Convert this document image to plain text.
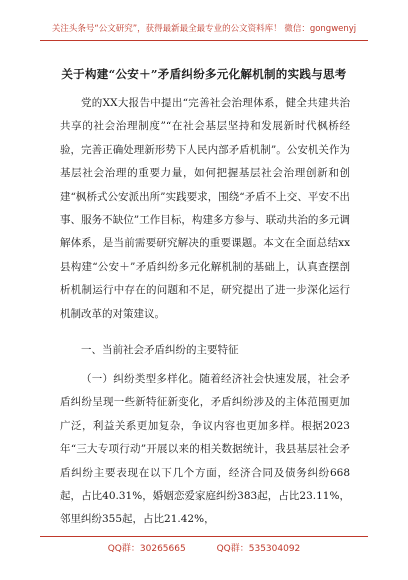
关注头条号“公文研究”，获得最新最全最专业的公文资料库！ 微信：gongwenyj
关于构建“公安＋”矛盾纠纷多元化解机制的实践与思考

党的XX大报告中提出“完善社会治理体系，健全共建共治共享的社会治理制度”“在社会基层坚持和发展新时代枫桥经验，完善正确处理新形势下人民内部矛盾机制”。公安机关作为基层社会治理的重要力量，如何把握基层社会治理创新和创建“枫桥式公安派出所”实践要求，围绕“矛盾不上交、平安不出事、服务不缺位”工作目标，构建多方参与、联动共治的多元调解体系，是当前需要研究解决的重要课题。本文在全面总结xx县构建“公安＋”矛盾纠纷多元化解机制的基础上，认真查摆剖析机制运行中存在的问题和不足，研究提出了进一步深化运行机制改革的对策建议。

一、当前社会矛盾纠纷的主要特征

（一）纠纷类型多样化。随着经济社会快速发展，社会矛盾纠纷呈现一些新特征新变化，矛盾纠纷涉及的主体范围更加广泛，利益关系更加复杂，争议内容也更加多样。根据2023年“三大专项行动”开展以来的相关数据统计，我县基层社会矛盾纠纷主要表现在以下几个方面，经济合同及债务纠纷668起，占比40.31%，婚姻恋爱家庭纠纷383起，占比23.11%，邻里纠纷355起，占比21.42%，

QQ群：30265665	QQ群：535304092
